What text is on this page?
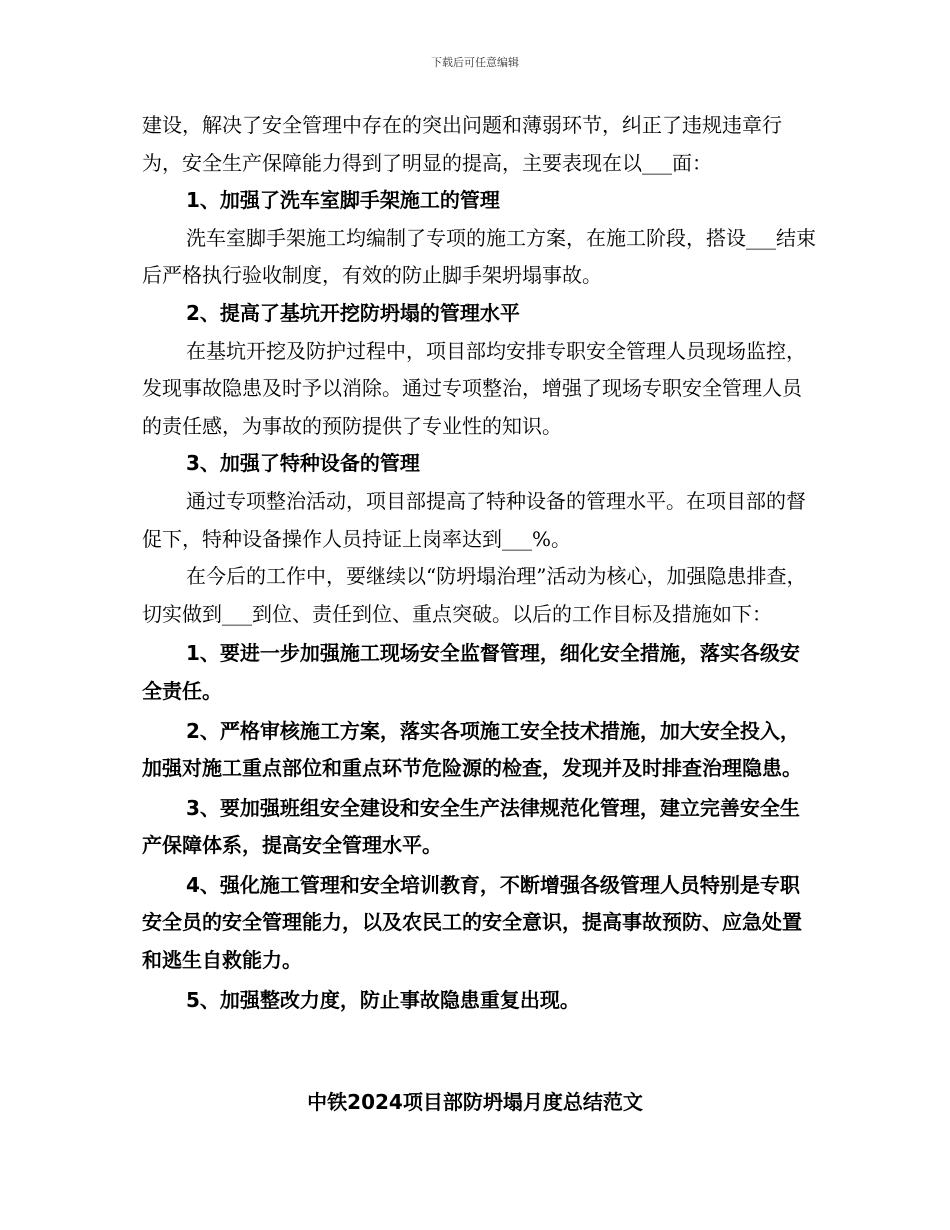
下载后可任意编辑

建设，解决了安全管理中存在的突出问题和薄弱环节，纠正了违规违章行为，安全生产保障能力得到了明显的提高，主要表现在以___面：

1、加强了洗车室脚手架施工的管理

洗车室脚手架施工均编制了专项的施工方案，在施工阶段，搭设___结束后严格执行验收制度，有效的防止脚手架坍塌事故。

2、提高了基坑开挖防坍塌的管理水平

在基坑开挖及防护过程中，项目部均安排专职安全管理人员现场监控，发现事故隐患及时予以消除。通过专项整治，增强了现场专职安全管理人员的责任感，为事故的预防提供了专业性的知识。

3、加强了特种设备的管理

通过专项整治活动，项目部提高了特种设备的管理水平。在项目部的督促下，特种设备操作人员持证上岗率达到___%。

在今后的工作中，要继续以“防坍塌治理”活动为核心，加强隐患排查，切实做到___到位、责任到位、重点突破。以后的工作目标及措施如下：

1、要进一步加强施工现场安全监督管理，细化安全措施，落实各级安全责任。

2、严格审核施工方案，落实各项施工安全技术措施，加大安全投入，加强对施工重点部位和重点环节危险源的检查，发现并及时排查治理隐患。

3、要加强班组安全建设和安全生产法律规范化管理，建立完善安全生产保障体系，提高安全管理水平。

4、强化施工管理和安全培训教育，不断增强各级管理人员特别是专职安全员的安全管理能力，以及农民工的安全意识，提高事故预防、应急处置和逃生自救能力。

5、加强整改力度，防止事故隐患重复出现。

中铁2024项目部防坍塌月度总结范文
